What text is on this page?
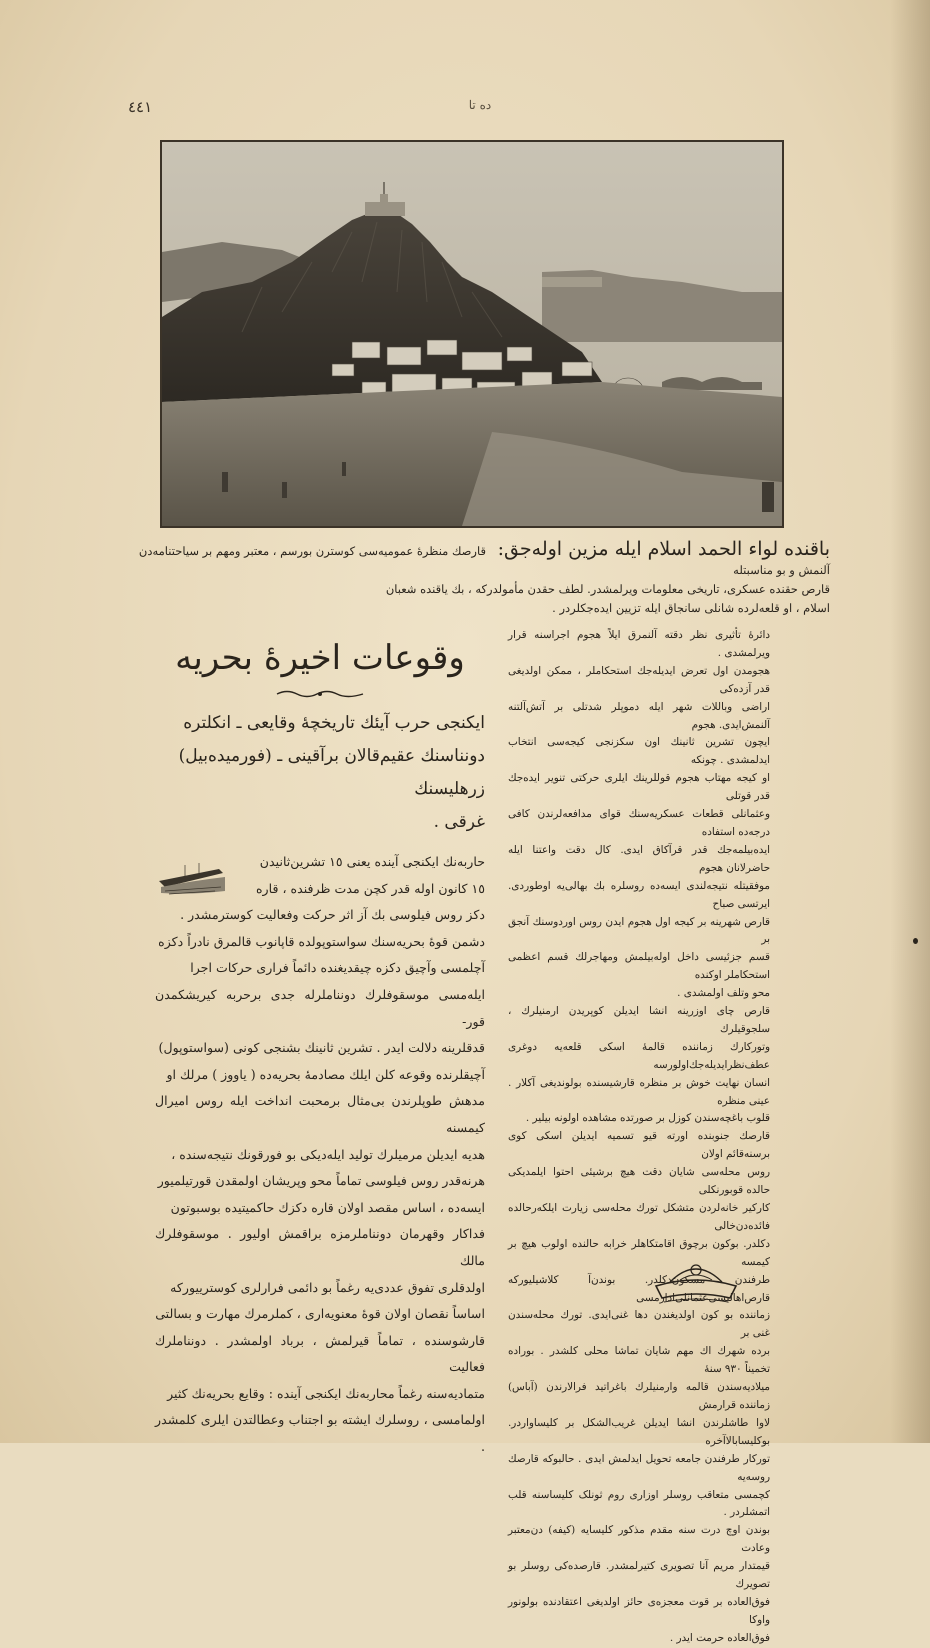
٤٤١	ده تا
باقنده لواء الحمد اسلام ایله مزین اوله‌جق: قارصك منظرهٔ عمومیه‌سی کوسترن بورسم ، معتبر ومهم بر سیاحتنامه‌دن آلنمش و بو مناسبتله
قارص حقنده عسکری، تاریخی معلومات ویرلمشدر. لطف حقدن مأمولدرکه ، بك یاقنده شعبان
اسلام ، او قلعه‌لرده شانلی سانجاق ایله تزیین ایده‌جکلردر .
وقوعات اخیرهٔ بحریه

ایکنجی حرب آیئك تاریخچهٔ وقایعی ـ انکلتره

دونناسنك عقیم‌قالان برآقینی ـ (فورمیده‌بیل) زرهلیسنك

غرقی .

حاربه‌نك ایکنجی آینده یعنی ١٥ تشرین‌ثانیدن

١٥ کانون اوله قدر کچن مدت ظرفنده ، قاره

دکز روس فیلوسی بك آز اثر حرکت وفعالیت کوسترمشدر .

دشمن قوهٔ بحریه‌سنك سواستوپولده قاپانوب قالمرق نادراً دکزه

آچلمسی وآچیق دکزه چیقدیغنده دائماً فراری حرکات اجرا

ایله‌مسی موسقوفلرك دونناملرله جدی برحربه کیریشکمدن قور-

قدقلرینه دلالت ایدر . تشرین ثانینك بشنجی کونی (سواستوپول)

آچیقلرنده وقوعه کلن ایلك مصادمهٔ بحریه‌ده ( یاووز ) مرلك او

مدهش طوپلرندن بی‌مثال برمحبت انداخت ایله روس امیرال کیمسنه

هدیه ایدیلن مرمیلرك تولید ایله‌دیکی بو فورقونك نتیجه‌سنده ،

هرنه‌قدر روس فیلوسی تماماً محو وپریشان اولمقدن قورتیلمیور

ایسه‌ده ، اساس مقصد اولان قاره دکزك حاکمیتیده بوسبوتون

فداکار وقهرمان دونناملرمزه براقمش اولیور . موسقوفلرك مالك

اولدقلری تفوق عددی‌یه رغماً بو دائمی فرارلری کوسترییورکه

اساساً نقصان اولان قوهٔ معنویه‌اری ، کملرمرك مهارت و بسالتی

قارشوسنده ، تماماً قیرلمش ، برباد اولمشدر . دونناملرك فعالیت

متمادیه‌سنه رغماً محاربه‌نك ایکنجی آینده : وقایع بحریه‌نك کثیر

اولمامسی ، روسلرك ایشته بو اجتناب وعطالتدن ایلری کلمشدر .

دائرهٔ تأثیری نظر دقته آلنمرق ایلاً هجوم اجراسنه قرار ویرلمشدی .

هجومدن اول تعرض ایدیله‌جك استحکاملر ، ممکن اولدیغی قدر آزده‌کی

اراضی وباللات شهر ایله دموپلر شدتلی بر آتش‌آلتنه آلنمش‌ایدی. هجوم

ایچون تشرین ثانینك اون سکزنجی کیجه‌سی انتخاب ایدلمشدی . چونکه

او کیجه مهتاب هجوم قوللرینك ایلری حرکتی تنویر ایده‌جك قدر قوتلی

وعثمانلی قطعات عسکریه‌سنك قوای مدافعه‌لرندن کافی درجه‌ده استفاده

ایده‌بیلمه‌جك قدر قرآکاق ایدی. کال دقت واعتنا ایله حاضرلانان هجوم

موفقیتله نتیجه‌لندی ایسه‌ده روسلره بك بهالی‌یه اوطوردی. ایرتسی صباح

قارص شهرینه بر کیجه اول هجوم ایدن روس اوردوسنك آنجق بر

قسم جزئیسی داخل اوله‌بیلمش ومهاجرلك قسم اعظمی استحکاملر اوکنده

محو وتلف اولمشدی .

قارص چای اوزرینه انشا ایدیلن کوپریدن ارمنیلرك ، سلجوقیلرك

وتورکارك زماننده قالمهٔ اسکی قلعه‌یه دوغری عطف‌نظرایدیله‌جك‌اولورسه

انسان نهایت خوش بر منظره قارشیسنده بولوندیغی آکلار . عینی منظره

قلوب باغچه‌سندن کوزل بر صورتده مشاهده اولونه بیلیر .

قارصك جنوبنده اورته قیو تسمیه ایدیلن اسکی کوی برسنه‌قائم اولان

روس محله‌سی شایان دقت هیچ برشیئی احتوا ایلمدیکی حالده قوبورنکلی

کارکیر خانه‌لردن متشکل تورك محله‌سی زیارت ایلکه‌رحالده فائده‌دن‌خالی

دکلدر. بوکون برچوق اقامتکاهلر خرابه حالنده اولوب هیچ بر کیمسه

طرفندن مسکون‌دکلدر. بوندن‌آ کلاشیلیورکه قارص‌اهالیسی‌عثمانلی‌ادارمسی

زماننده بو کون اولدیغندن دها غنی‌ایدی. تورك محله‌سندن غنی بر

برده شهرك اك مهم شایان تماشا محلی کلشدر . بوراده تخمیناً ٩٣٠ سنهٔ

میلادیه‌سندن قالمه وارمنیلرك باغراتید فرالارندن (آباس) زماننده قرارمش

لاوا طاشلرندن انشا ایدیلن غریب‌الشکل بر کلیسا‌واردر. بوکلیسابالاآخره

تورکار طرفندن جامعه تحویل ایدلمش ایدی . حالبوکه قارصك روسه‌یه

کچمسی متعاقب روسلر اوزاری روم ثونلک کلیساسنه قلب اتمشلردر .

بوندن اوچ درت سنه مقدم مذکور کلیسایه (کیفه) دن‌معتبر وعادت

قیمتدار مریم آنا تصویری کتیرلمشدر. قارصده‌کی روسلر بو تصویرك

فوق‌العاده بر قوت معجزه‌ی حائز اولدیغی اعتقادنده بولونور واوکا

فوق‌العاده حرمت ایدر .
